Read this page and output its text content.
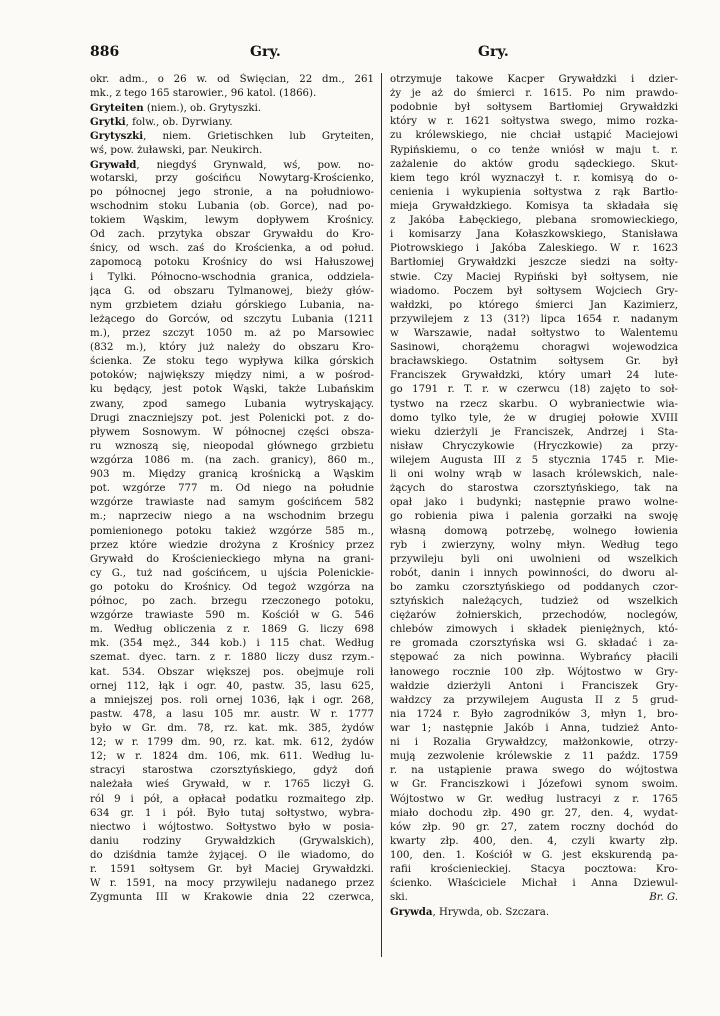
886	Gry.	Gry.
okr. adm., o 26 w. od Święcian, 22 dm., 261
mk., z tego 165 starowier., 96 katol. (1866).
Gryteiten (niem.), ob. Grytyszki.
Grytki, folw., ob. Dyrwiany.
Grytyszki, niem. Grietischken lub Gryteiten,
wś, pow. żuławski, par. Neukirch.
Grywałd, niegdyś Grynwald, wś, pow. no-
wotarski, przy gościńcu Nowytarg-Krościenko,
po północnej jego stronie, a na południowo-
wschodnim stoku Lubania (ob. Gorce), nad po-
tokiem Wąskim, lewym dopływem Krośnicy.
Od zach. przytyka obszar Grywałdu do Kro-
śnicy, od wsch. zaś do Krościenka, a od połud.
zapomocą potoku Krośnicy do wsi Hałuszowej
i Tylki. Północno-wschodnia granica, oddziela-
jąca G. od obszaru Tylmanowej, bieży głów-
nym grzbietem działu górskiego Lubania, na-
leżącego do Gorców, od szczytu Lubania (1211
m.), przez szczyt 1050 m. aż po Marsowiec
(832 m.), który już należy do obszaru Kro-
ścienka. Ze stoku tego wypływa kilka górskich
potoków; największy między nimi, a w pośrod-
ku będący, jest potok Wąski, także Lubańskim
zwany, zpod samego Lubania wytryskający.
Drugi znaczniejszy pot. jest Polenicki pot. z do-
pływem Sosnowym. W północnej części obsza-
ru wznoszą się, nieopodal głównego grzbietu
wzgórza 1086 m. (na zach. granicy), 860 m.,
903 m. Między granicą krośnicką a Wąskim
pot. wzgórze 777 m. Od niego na południe
wzgórze trawiaste nad samym gościńcem 582
m.; naprzeciw niego a na wschodnim brzegu
pomienionego potoku takież wzgórze 585 m.,
przez które wiedzie drożyna z Krośnicy przez
Grywałd do Krościenieckiego młyna na grani-
cy G., tuż nad gościńcem, u ujścia Polenickie-
go potoku do Krośnicy. Od tegoż wzgórza na
północ, po zach. brzegu rzeczonego potoku,
wzgórze trawiaste 590 m. Kościół w G. 546
m. Według obliczenia z r. 1869 G. liczy 698
mk. (354 męż., 344 kob.) i 115 chat. Według
szemat. dyec. tarn. z r. 1880 liczy dusz rzym.-
kat. 534. Obszar większej pos. obejmuje roli
ornej 112, łąk i ogr. 40, pastw. 35, lasu 625,
a mniejszej pos. roli ornej 1036, łąk i ogr. 268,
pastw. 478, a lasu 105 mr. austr. W r. 1777
było w Gr. dm. 78, rz. kat. mk. 385, żydów
12; w r. 1799 dm. 90, rz. kat. mk. 612, żydów
12; w r. 1824 dm. 106, mk. 611. Według lu-
stracyi starostwa czorsztyńskiego, gdyż doń
należała wieś Grywałd, w r. 1765 liczył G.
ról 9 i pół, a opłacał podatku rozmaitego złp.
634 gr. 1 i pół. Było tutaj sołtystwo, wybra-
niectwo i wójtostwo. Sołtystwo było w posia-
daniu rodziny Grywałdzkich (Grywalskich),
do dziśdnia tamże żyjącej. O ile wiadomo, do
r. 1591 sołtysem Gr. był Maciej Grywałdzki.
W r. 1591, na mocy przywileju nadanego przez
Zygmunta III w Krakowie dnia 22 czerwca,
otrzymuje takowe Kacper Grywałdzki i dzier-
ży je aż do śmierci r. 1615. Po nim prawdo-
podobnie był sołtysem Bartłomiej Grywałdzki
który w r. 1621 sołtystwa swego, mimo rozka-
zu królewskiego, nie chciał ustąpić Maciejowi
Rypińskiemu, o co tenże wniósł w maju t. r.
zażalenie do aktów grodu sądeckiego. Skut-
kiem tego król wyznaczył t. r. komisyą do o-
cenienia i wykupienia sołtystwa z rąk Bartło-
mieja Grywałdzkiego. Komisya ta składała się
z Jakóba Łabęckiego, plebana sromowieckiego,
i komisarzy Jana Kołaszkowskiego, Stanisława
Piotrowskiego i Jakóba Zaleskiego. W r. 1623
Bartłomiej Grywałdzki jeszcze siedzi na sołty-
stwie. Czy Maciej Rypiński był sołtysem, nie
wiadomo. Poczem był sołtysem Wojciech Gry-
wałdzki, po którego śmierci Jan Kazimierz,
przywilejem z 13 (31?) lipca 1654 r. nadanym
w Warszawie, nadał sołtystwo to Walentemu
Sasinowi, chorążemu choragwi wojewodzica
bracławskiego. Ostatnim sołtysem Gr. był
Franciszek Grywałdzki, który umarł 24 lute-
go 1791 r. T. r. w czerwcu (18) zajęto to soł-
tystwo na rzecz skarbu. O wybraniectwie wia-
domo tylko tyle, że w drugiej połowie XVIII
wieku dzierżyli je Franciszek, Andrzej i Sta-
nisław Chryczykowie (Hryczkowie) za przy-
wilejem Augusta III z 5 stycznia 1745 r. Mie-
li oni wolny wrąb w lasach królewskich, nale-
żących do starostwa czorsztyńskiego, tak na
opał jako i budynki; następnie prawo wolne-
go robienia piwa i palenia gorzałki na swoję
własną domową potrzebę, wolnego łowienia
ryb i zwierzyny, wolny młyn. Według tego
przywileju byli oni uwolnieni od wszelkich
robót, danin i innych powinności, do dworu al-
bo zamku czorsztyńskiego od poddanych czor-
sztyńskich należących, tudzież od wszelkich
ciężarów żołnierskich, przechodów, noclegów,
chlebów zimowych i składek pieniężnych, któ-
re gromada czorsztyńska wsi G. składać i za-
stępować za nich powinna. Wybrańcy płacili
łanowego rocznie 100 złp. Wójtostwo w Gry-
wałdzie dzierżyli Antoni i Franciszek Gry-
wałdzcy za przywilejem Augusta II z 5 grud-
nia 1724 r. Było zagrodników 3, młyn 1, bro-
war 1; następnie Jakób i Anna, tudzież Anto-
ni i Rozalia Grywałdzcy, małżonkowie, otrzy-
mują zezwolenie królewskie z 11 paźdz. 1759
r. na ustąpienie prawa swego do wójtostwa
w Gr. Franciszkowi i Józefowi synom swoim.
Wójtostwo w Gr. według lustracyi z r. 1765
miało dochodu złp. 490 gr. 27, den. 4, wydat-
ków złp. 90 gr. 27, zatem roczny dochód do
kwarty złp. 400, den. 4, czyli kwarty złp.
100, den. 1. Kościół w G. jest ekskurendą pa-
rafii krościenieckiej. Stacya pocztowa: Kro-
ścienko. Właściciele Michał i Anna Dziewul-
ski.	Br. G.
Grywda, Hrywda, ob. Szczara.
